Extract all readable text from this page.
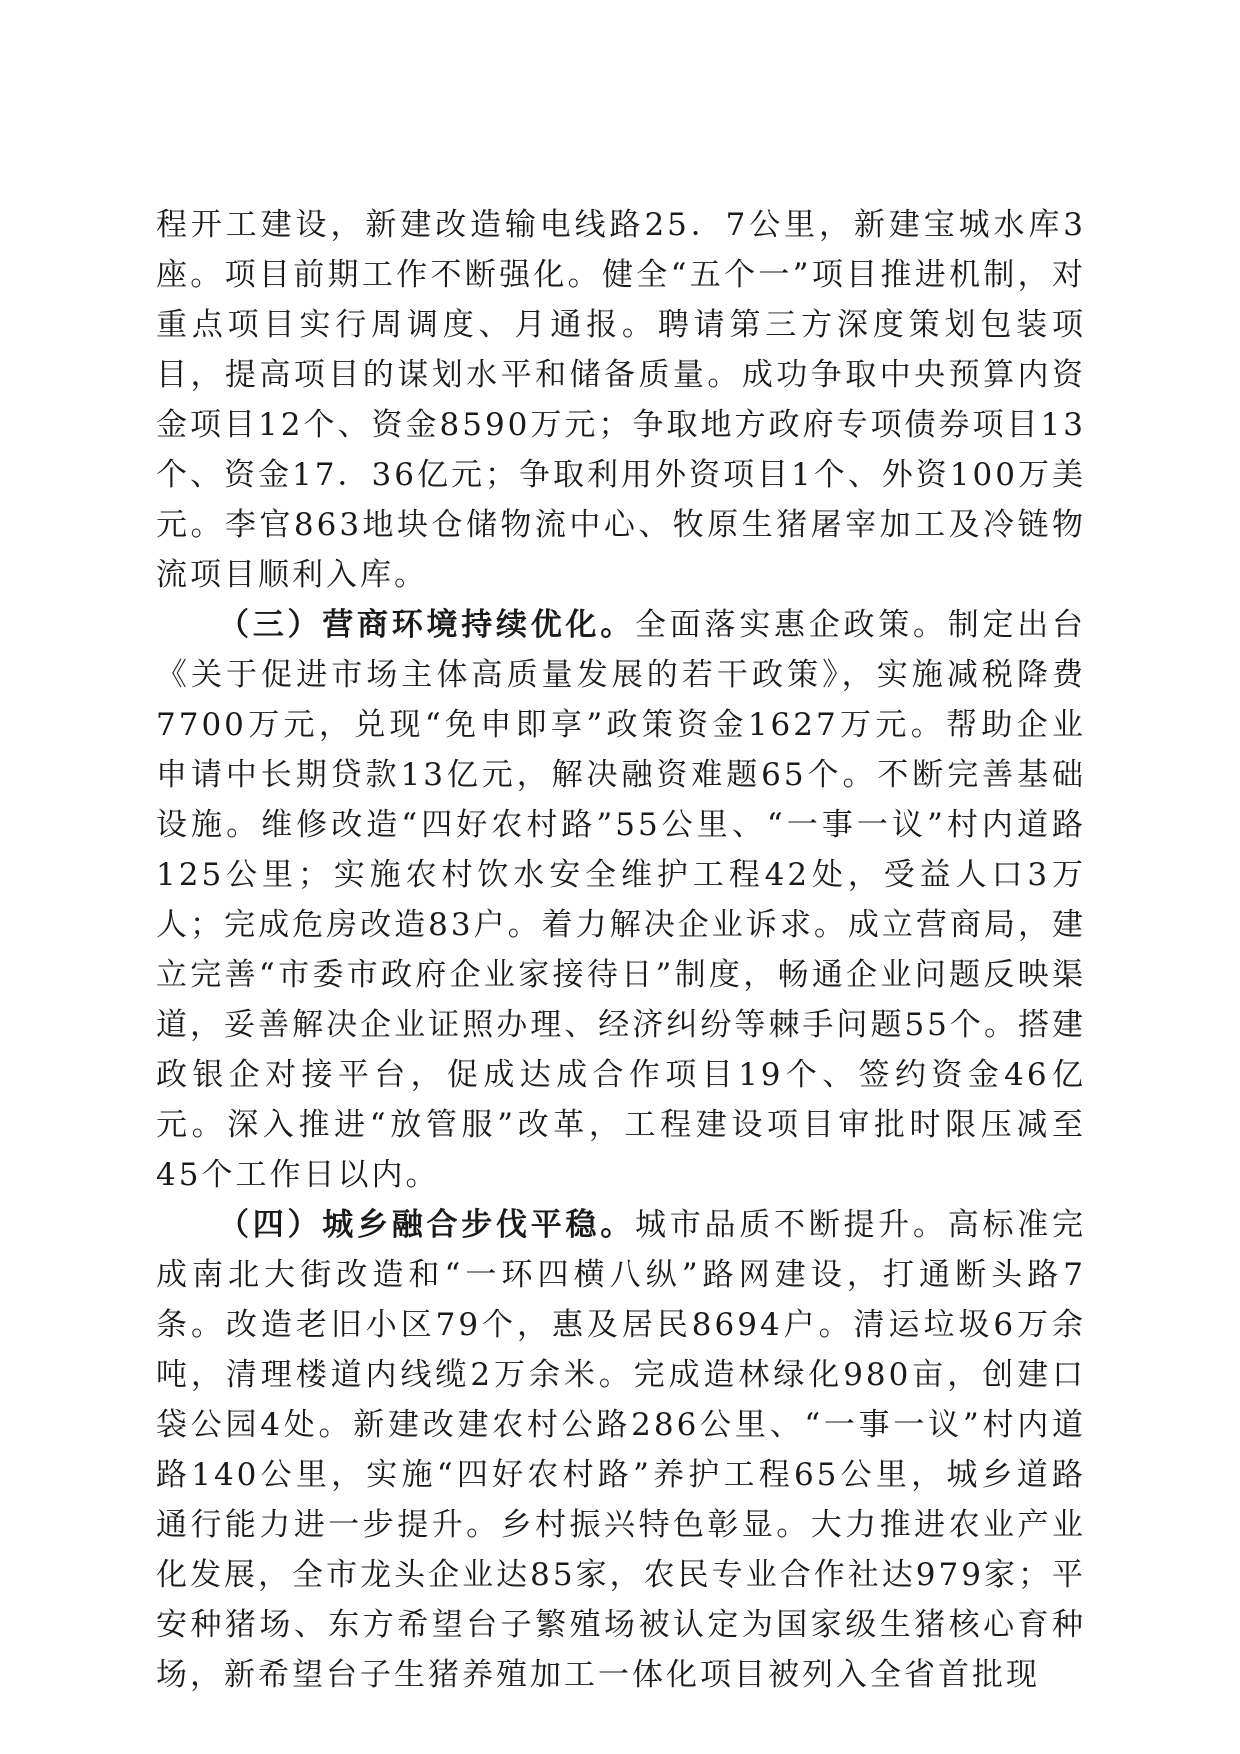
程开工建设，新建改造输电线路25．7公里，新建宝城水库3座。项目前期工作不断强化。健全“五个一”项目推进机制，对重点项目实行周调度、月通报。聘请第三方深度策划包装项目，提高项目的谋划水平和储备质量。成功争取中央预算内资金项目12个、资金8590万元；争取地方政府专项债券项目13个、资金17．36亿元；争取利用外资项目1个、外资100万美元。李官863地块仓储物流中心、牧原生猪屠宰加工及冷链物流项目顺利入库。

（三）营商环境持续优化。全面落实惠企政策。制定出台《关于促进市场主体高质量发展的若干政策》，实施减税降费7700万元，兑现“免申即享”政策资金1627万元。帮助企业申请中长期贷款13亿元，解决融资难题65个。不断完善基础设施。维修改造“四好农村路”55公里、“一事一议”村内道路125公里；实施农村饮水安全维护工程42处，受益人口3万人；完成危房改造83户。着力解决企业诉求。成立营商局，建立完善“市委市政府企业家接待日”制度，畅通企业问题反映渠道，妥善解决企业证照办理、经济纠纷等棘手问题55个。搭建政银企对接平台，促成达成合作项目19个、签约资金46亿元。深入推进“放管服”改革，工程建设项目审批时限压减至45个工作日以内。

（四）城乡融合步伐平稳。城市品质不断提升。高标准完成南北大街改造和“一环四横八纵”路网建设，打通断头路7条。改造老旧小区79个，惠及居民8694户。清运垃圾6万余吨，清理楼道内线缆2万余米。完成造林绿化980亩，创建口袋公园4处。新建改建农村公路286公里、“一事一议”村内道路140公里，实施“四好农村路”养护工程65公里，城乡道路通行能力进一步提升。乡村振兴特色彰显。大力推进农业产业化发展，全市龙头企业达85家，农民专业合作社达979家；平安种猪场、东方希望台子繁殖场被认定为国家级生猪核心育种场，新希望台子生猪养殖加工一体化项目被列入全省首批现
